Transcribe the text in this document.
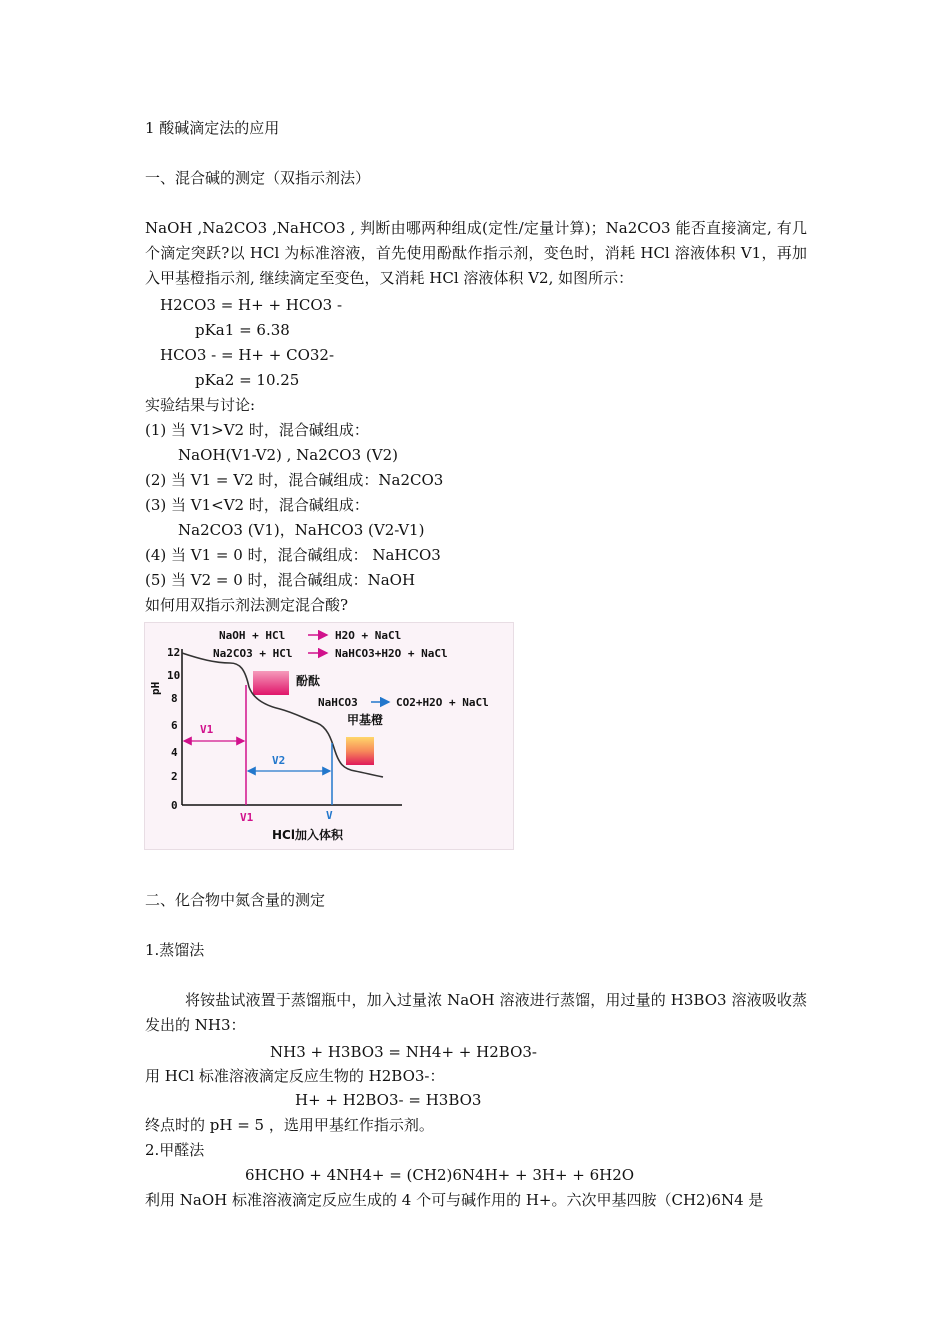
1 酸碱滴定法的应用
一、混合碱的测定（双指示剂法）
NaOH ,Na2CO3 ,NaHCO3 , 判断由哪两种组成(定性/定量计算)；Na2CO3 能否直接滴定, 有几个滴定突跃?以 HCl 为标准溶液，首先使用酚酞作指示剂，变色时，消耗 HCl 溶液体积 V1，再加入甲基橙指示剂, 继续滴定至变色，又消耗 HCl 溶液体积 V2, 如图所示：
H2CO3 = H+ + HCO3 -
pKa1 = 6.38
HCO3 - = H+ + CO32-
pKa2 = 10.25
实验结果与讨论:
(1) 当 V1>V2 时，混合碱组成：
NaOH(V1-V2) , Na2CO3 (V2)
(2) 当 V1 = V2 时，混合碱组成：Na2CO3
(3) 当 V1<V2 时，混合碱组成：
Na2CO3 (V1)，NaHCO3 (V2-V1)
(4) 当 V1 = 0 时，混合碱组成： NaHCO3
(5) 当 V2 = 0 时，混合碱组成：NaOH
如何用双指示剂法测定混合酸?
NaOH + HCl	H2O + NaCl
Na2CO3 + HCl	NaHCO3+H2O + NaCl
酚酞
NaHCO3	CO2+H2O + NaCl
甲基橙
pH
12
10
8
6
4
2
0
V1
V2
V1	V
HCl加入体积
二、化合物中氮含量的测定
1.蒸馏法
将铵盐试液置于蒸馏瓶中，加入过量浓 NaOH 溶液进行蒸馏，用过量的 H3BO3 溶液吸收蒸发出的 NH3：
NH3 + H3BO3 = NH4+ + H2BO3-
用 HCl 标准溶液滴定反应生物的 H2BO3-：
H+ + H2BO3- = H3BO3
终点时的 pH = 5 ，选用甲基红作指示剂。
2.甲醛法
6HCHO + 4NH4+ = (CH2)6N4H+ + 3H+ + 6H2O
利用 NaOH 标准溶液滴定反应生成的 4 个可与碱作用的 H+。六次甲基四胺（CH2)6N4 是
